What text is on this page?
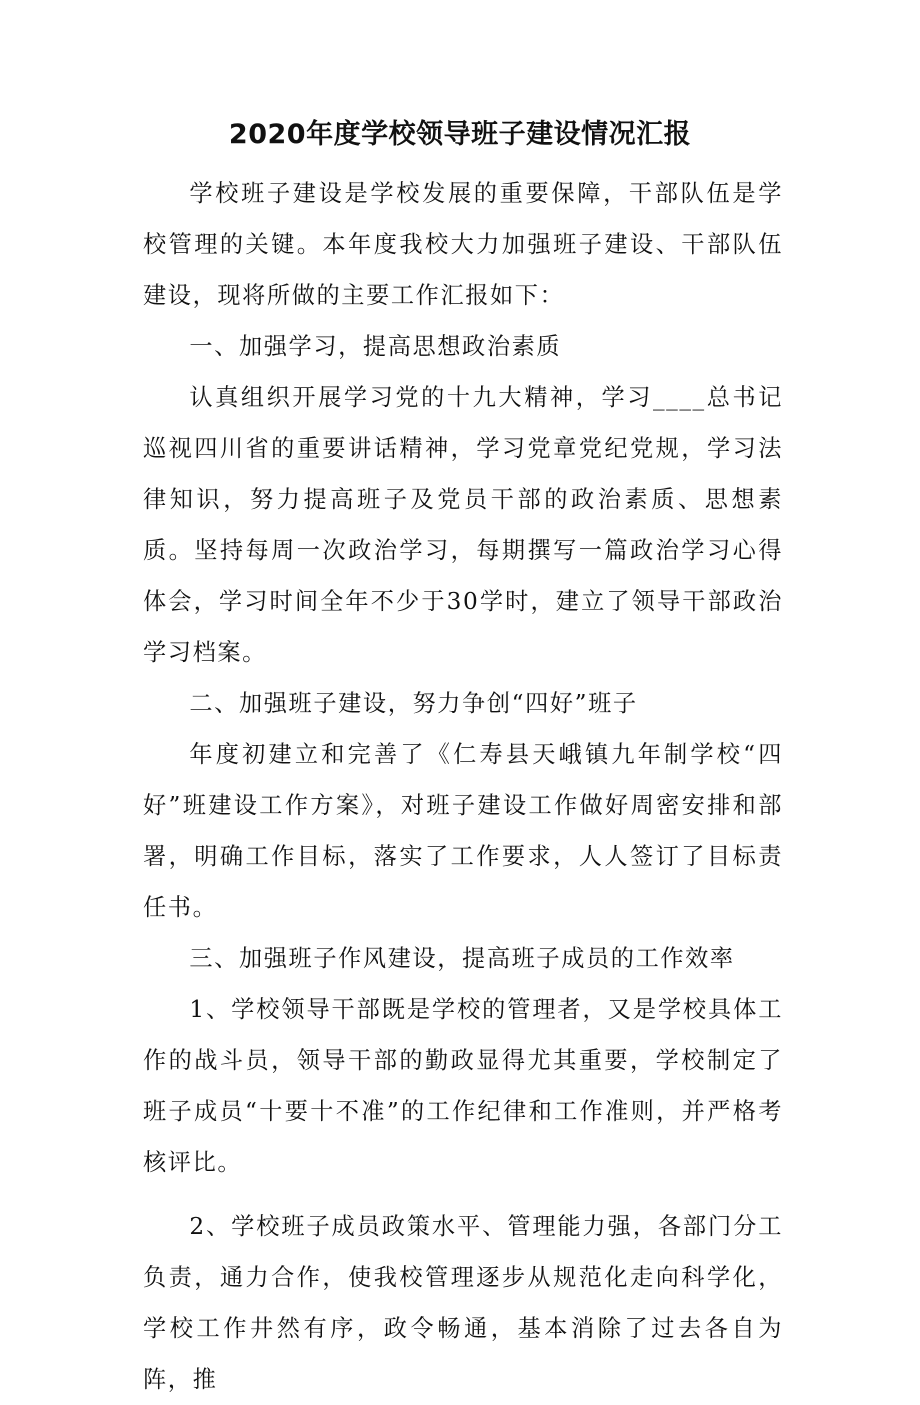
2020年度学校领导班子建设情况汇报

学校班子建设是学校发展的重要保障，干部队伍是学校管理的关键。本年度我校大力加强班子建设、干部队伍建设，现将所做的主要工作汇报如下：

一、加强学习，提高思想政治素质

认真组织开展学习党的十九大精神，学习____总书记巡视四川省的重要讲话精神，学习党章党纪党规，学习法律知识，努力提高班子及党员干部的政治素质、思想素质。坚持每周一次政治学习，每期撰写一篇政治学习心得体会，学习时间全年不少于30学时，建立了领导干部政治学习档案。

二、加强班子建设，努力争创“四好”班子

年度初建立和完善了《仁寿县天峨镇九年制学校“四好”班建设工作方案》，对班子建设工作做好周密安排和部署，明确工作目标，落实了工作要求，人人签订了目标责任书。

三、加强班子作风建设，提高班子成员的工作效率

1、学校领导干部既是学校的管理者，又是学校具体工作的战斗员，领导干部的勤政显得尤其重要，学校制定了班子成员“十要十不准”的工作纪律和工作准则，并严格考核评比。

2、学校班子成员政策水平、管理能力强，各部门分工负责，通力合作，使我校管理逐步从规范化走向科学化，学校工作井然有序，政令畅通，基本消除了过去各自为阵，推
